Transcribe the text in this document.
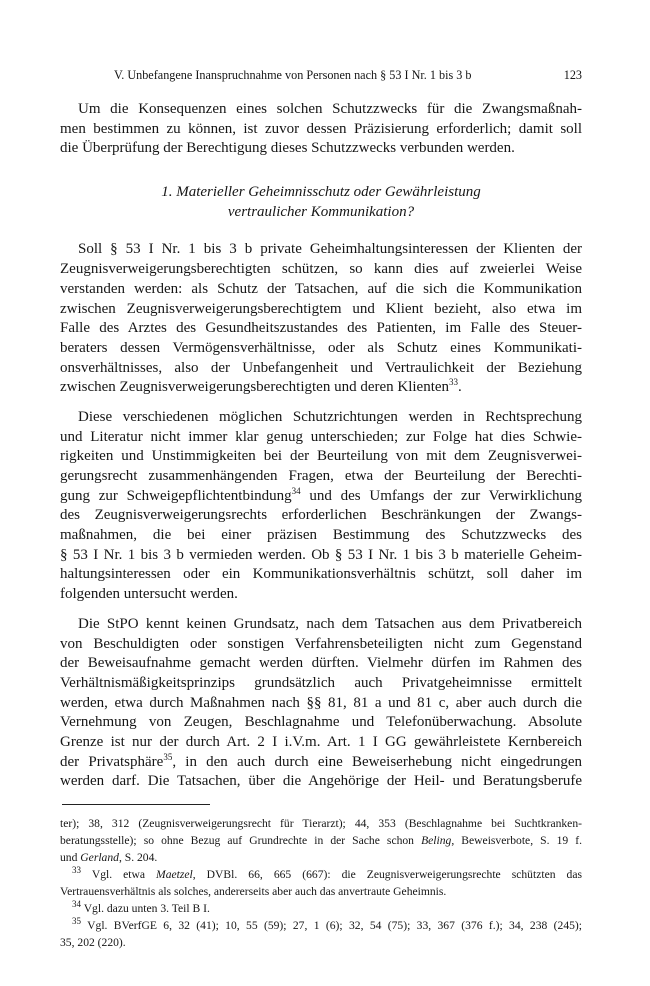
V. Unbefangene Inanspruchnahme von Personen nach § 53 I Nr. 1 bis 3 b	123
Um die Konsequenzen eines solchen Schutzzwecks für die Zwangsmaßnah-
men bestimmen zu können, ist zuvor dessen Präzisierung erforderlich; damit soll
die Überprüfung der Berechtigung dieses Schutzzwecks verbunden werden.
1. Materieller Geheimnisschutz oder Gewährleistung
vertraulicher Kommunikation?
Soll § 53 I Nr. 1 bis 3 b private Geheimhaltungsinteressen der Klienten der
Zeugnisverweigerungsberechtigten schützen, so kann dies auf zweierlei Weise
verstanden werden: als Schutz der Tatsachen, auf die sich die Kommunikation
zwischen Zeugnisverweigerungsberechtigtem und Klient bezieht, also etwa im
Falle des Arztes des Gesundheitszustandes des Patienten, im Falle des Steuer-
beraters dessen Vermögensverhältnisse, oder als Schutz eines Kommunikati-
onsverhältnisses, also der Unbefangenheit und Vertraulichkeit der Beziehung
zwischen Zeugnisverweigerungsberechtigten und deren Klienten$^{33}$.
Diese verschiedenen möglichen Schutzrichtungen werden in Rechtsprechung
und Literatur nicht immer klar genug unterschieden; zur Folge hat dies Schwie-
rigkeiten und Unstimmigkeiten bei der Beurteilung von mit dem Zeugnisverwei-
gerungsrecht zusammenhängenden Fragen, etwa der Beurteilung der Berechti-
gung zur Schweigepflichtentbindung$^{34}$ und des Umfangs der zur Verwirklichung
des Zeugnisverweigerungsrechts erforderlichen Beschränkungen der Zwangs-
maßnahmen, die bei einer präzisen Bestimmung des Schutzzwecks des
§ 53 I Nr. 1 bis 3 b vermieden werden. Ob § 53 I Nr. 1 bis 3 b materielle Geheim-
haltungsinteressen oder ein Kommunikationsverhältnis schützt, soll daher im
folgenden untersucht werden.
Die StPO kennt keinen Grundsatz, nach dem Tatsachen aus dem Privatbereich
von Beschuldigten oder sonstigen Verfahrensbeteiligten nicht zum Gegenstand
der Beweisaufnahme gemacht werden dürften. Vielmehr dürfen im Rahmen des
Verhältnismäßigkeitsprinzips grundsätzlich auch Privatgeheimnisse ermittelt
werden, etwa durch Maßnahmen nach §§ 81, 81 a und 81 c, aber auch durch die
Vernehmung von Zeugen, Beschlagnahme und Telefonüberwachung. Absolute
Grenze ist nur der durch Art. 2 I i.V.m. Art. 1 I GG gewährleistete Kernbereich
der Privatsphäre$^{35}$, in den auch durch eine Beweiserhebung nicht eingedrungen
werden darf. Die Tatsachen, über die Angehörige der Heil- und Beratungsberufe
ter); 38, 312 (Zeugnisverweigerungsrecht für Tierarzt); 44, 353 (Beschlagnahme bei Suchtkranken-
beratungsstelle); so ohne Bezug auf Grundrechte in der Sache schon Beling, Beweisverbote, S. 19 f.
und Gerland, S. 204.
$^{33}$ Vgl. etwa Maetzel, DVBl. 66, 665 (667): die Zeugnisverweigerungsrechte schützten das
Vertrauensverhältnis als solches, andererseits aber auch das anvertraute Geheimnis.
$^{34}$ Vgl. dazu unten 3. Teil B I.
$^{35}$ Vgl. BVerfGE 6, 32 (41); 10, 55 (59); 27, 1 (6); 32, 54 (75); 33, 367 (376 f.); 34, 238 (245);
35, 202 (220).
